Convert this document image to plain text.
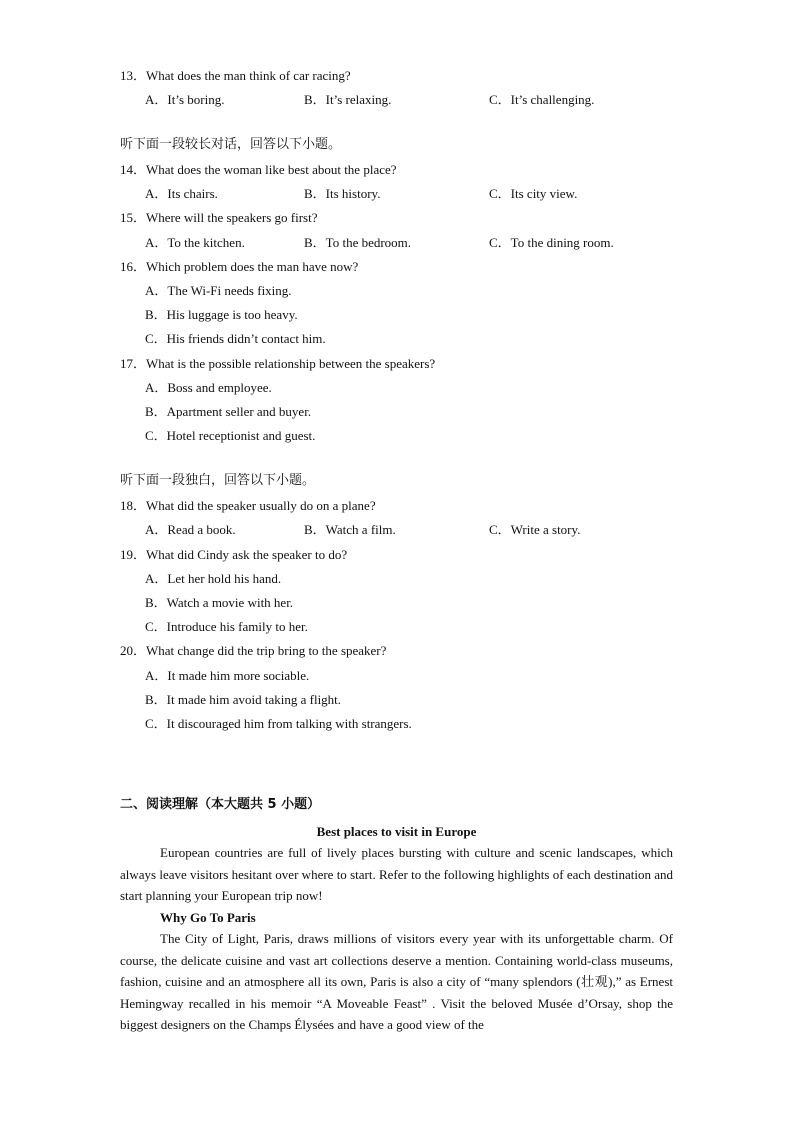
13．What does the man think of car racing?
A．It’s boring.	B．It’s relaxing.	C．It’s challenging.
听下面一段较长对话，回答以下小题。
14．What does the woman like best about the place?
A．Its chairs.	B．Its history.	C．Its city view.
15．Where will the speakers go first?
A．To the kitchen.	B．To the bedroom.	C．To the dining room.
16．Which problem does the man have now?
A．The Wi-Fi needs fixing.
B．His luggage is too heavy.
C．His friends didn’t contact him.
17．What is the possible relationship between the speakers?
A．Boss and employee.
B．Apartment seller and buyer.
C．Hotel receptionist and guest.
听下面一段独白，回答以下小题。
18．What did the speaker usually do on a plane?
A．Read a book.	B．Watch a film.	C．Write a story.
19．What did Cindy ask the speaker to do?
A．Let her hold his hand.
B．Watch a movie with her.
C．Introduce his family to her.
20．What change did the trip bring to the speaker?
A．It made him more sociable.
B．It made him avoid taking a flight.
C．It discouraged him from talking with strangers.
二、阅读理解（本大题共 5 小题）
Best places to visit in Europe
European countries are full of lively places bursting with culture and scenic landscapes, which always leave visitors hesitant over where to start. Refer to the following highlights of each destination and start planning your European trip now!
Why Go To Paris
The City of Light, Paris, draws millions of visitors every year with its unforgettable charm. Of course, the delicate cuisine and vast art collections deserve a mention. Containing world-class museums, fashion, cuisine and an atmosphere all its own, Paris is also a city of “many splendors (壮观),” as Ernest Hemingway recalled in his memoir “A Moveable Feast” . Visit the beloved Musée d’Orsay, shop the biggest designers on the Champs Élysées and have a good view of the
